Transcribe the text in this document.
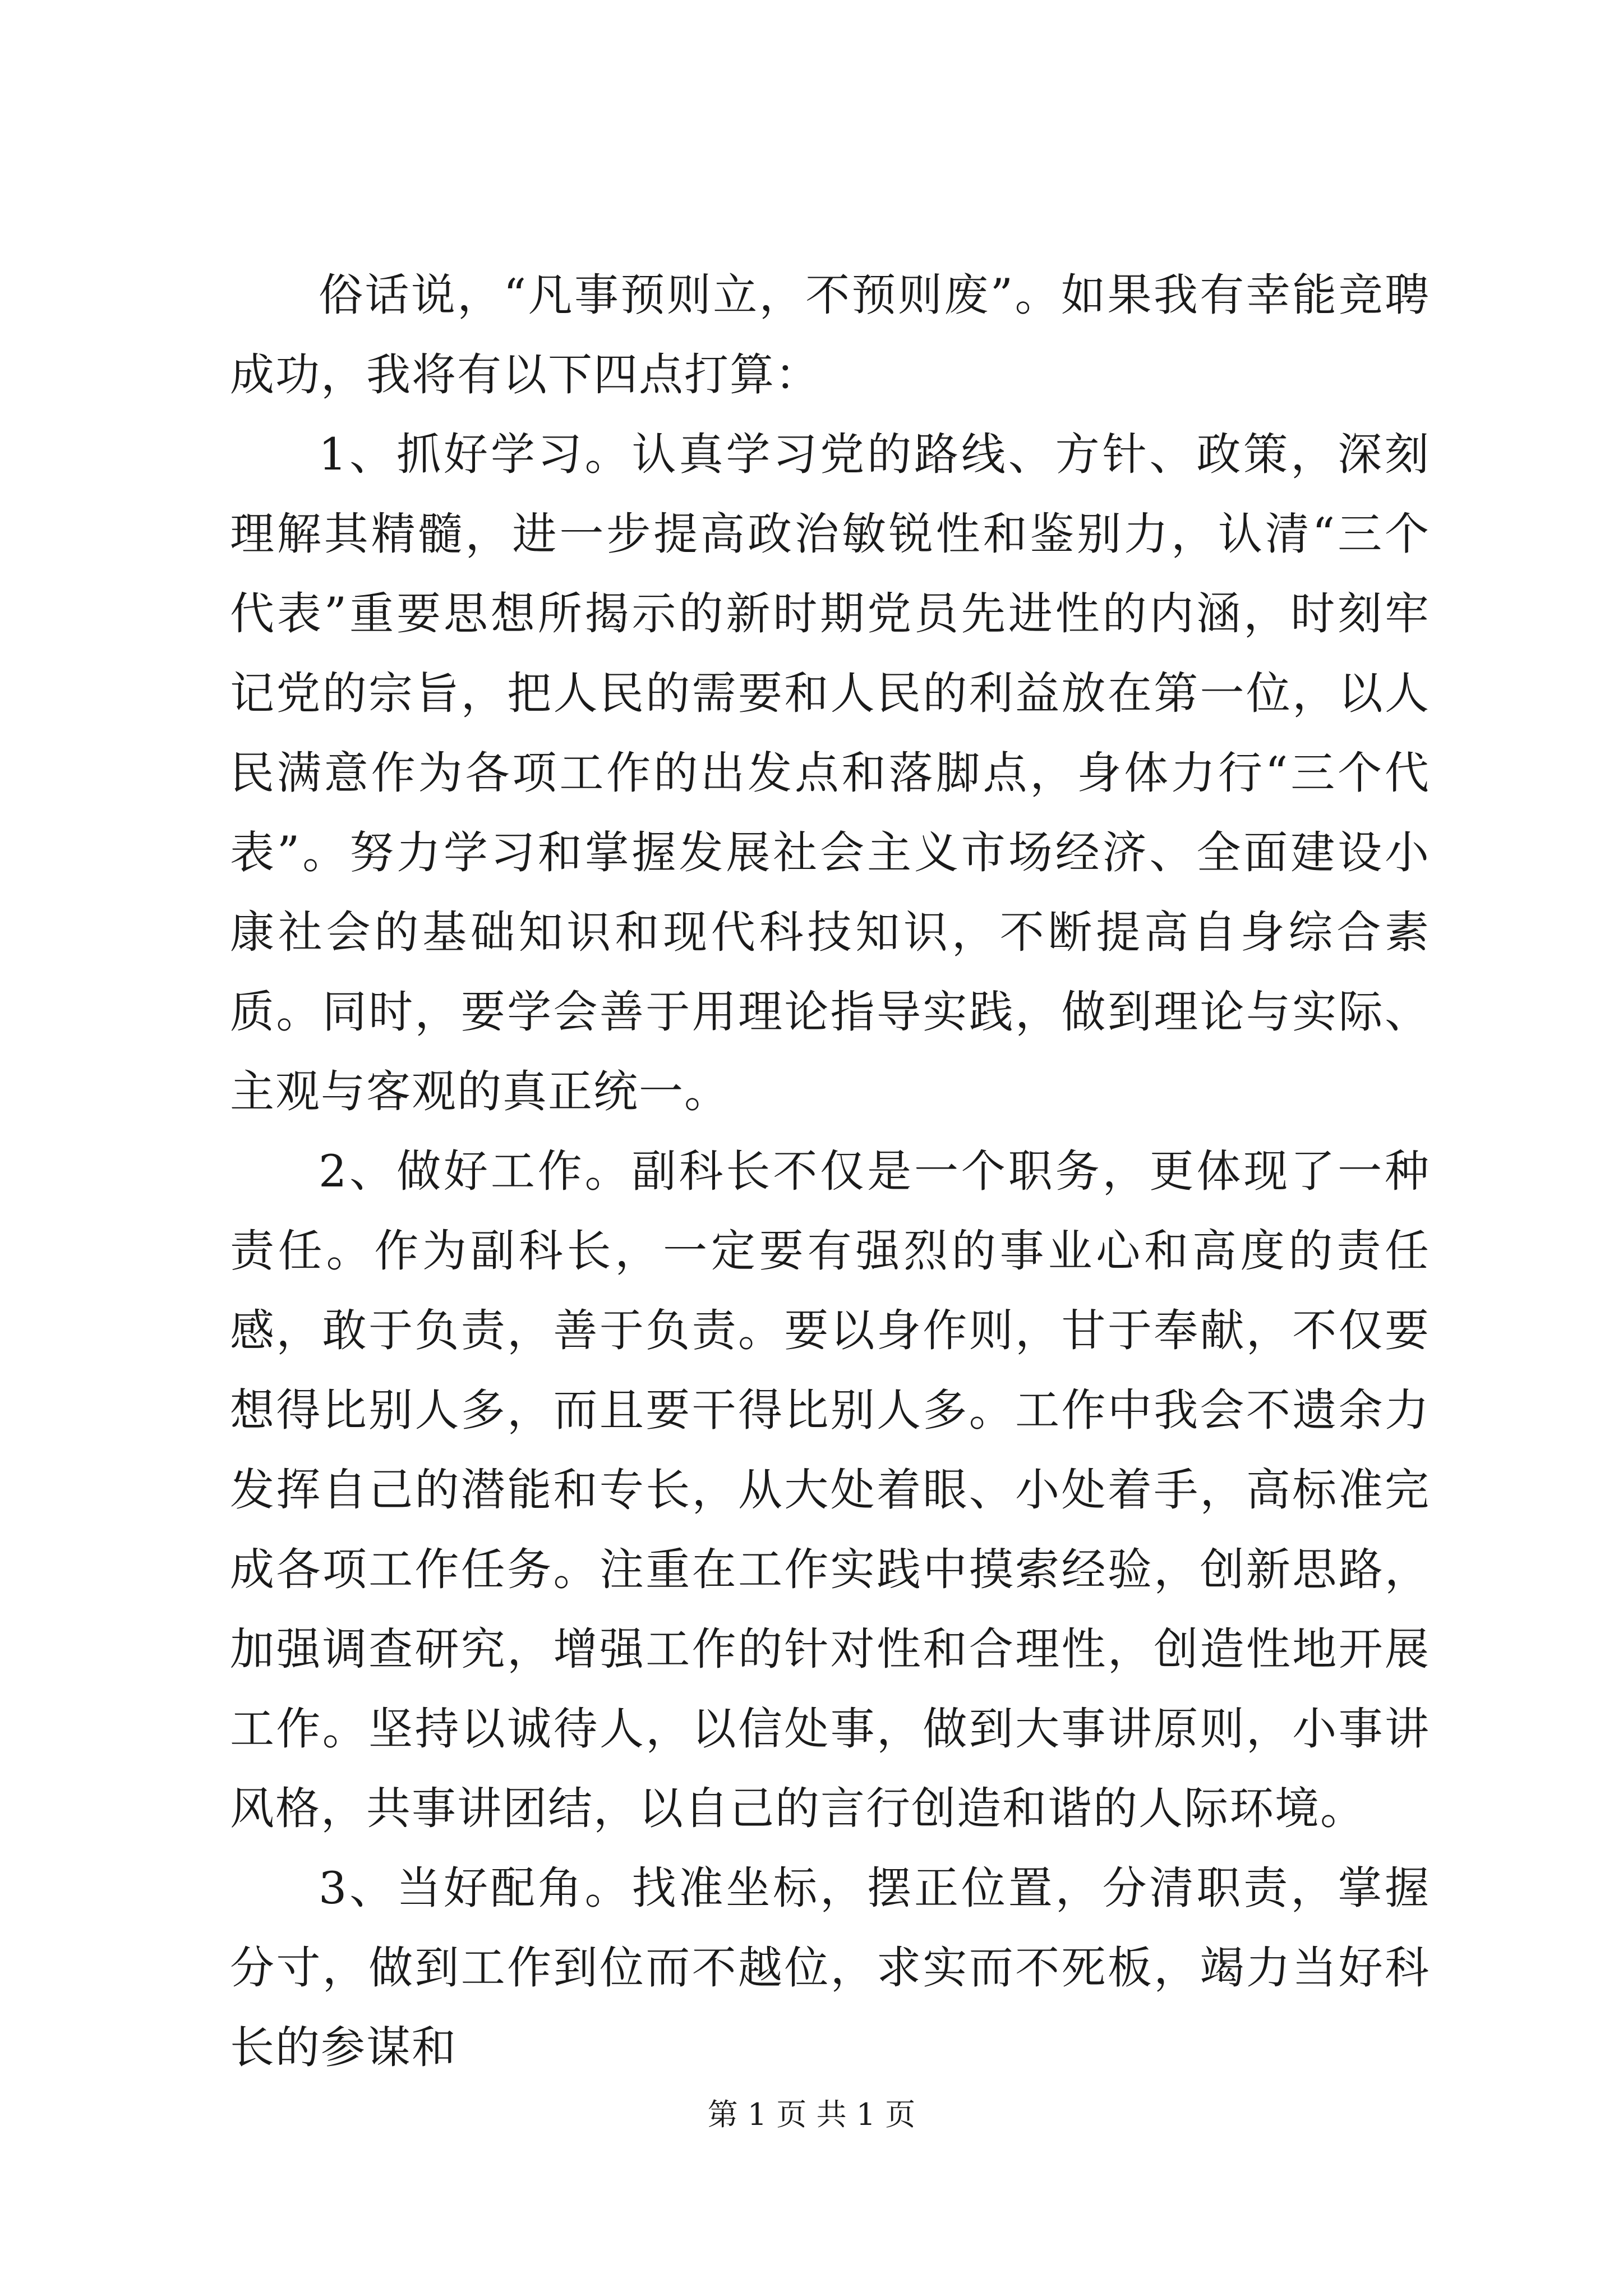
俗话说，“凡事预则立，不预则废”。如果我有幸能竞聘成功，我将有以下四点打算：

1、抓好学习。认真学习党的路线、方针、政策，深刻理解其精髓，进一步提高政治敏锐性和鉴别力，认清“三个代表”重要思想所揭示的新时期党员先进性的内涵，时刻牢记党的宗旨，把人民的需要和人民的利益放在第一位，以人民满意作为各项工作的出发点和落脚点，身体力行“三个代表”。努力学习和掌握发展社会主义市场经济、全面建设小康社会的基础知识和现代科技知识，不断提高自身综合素质。同时，要学会善于用理论指导实践，做到理论与实际、主观与客观的真正统一。

2、做好工作。副科长不仅是一个职务，更体现了一种责任。作为副科长，一定要有强烈的事业心和高度的责任感，敢于负责，善于负责。要以身作则，甘于奉献，不仅要想得比别人多，而且要干得比别人多。工作中我会不遗余力发挥自己的潜能和专长，从大处着眼、小处着手，高标准完成各项工作任务。注重在工作实践中摸索经验，创新思路，加强调查研究，增强工作的针对性和合理性，创造性地开展工作。坚持以诚待人，以信处事，做到大事讲原则，小事讲风格，共事讲团结，以自己的言行创造和谐的人际环境。

3、当好配角。找准坐标，摆正位置，分清职责，掌握分寸，做到工作到位而不越位，求实而不死板，竭力当好科长的参谋和

第 1 页 共 1 页
